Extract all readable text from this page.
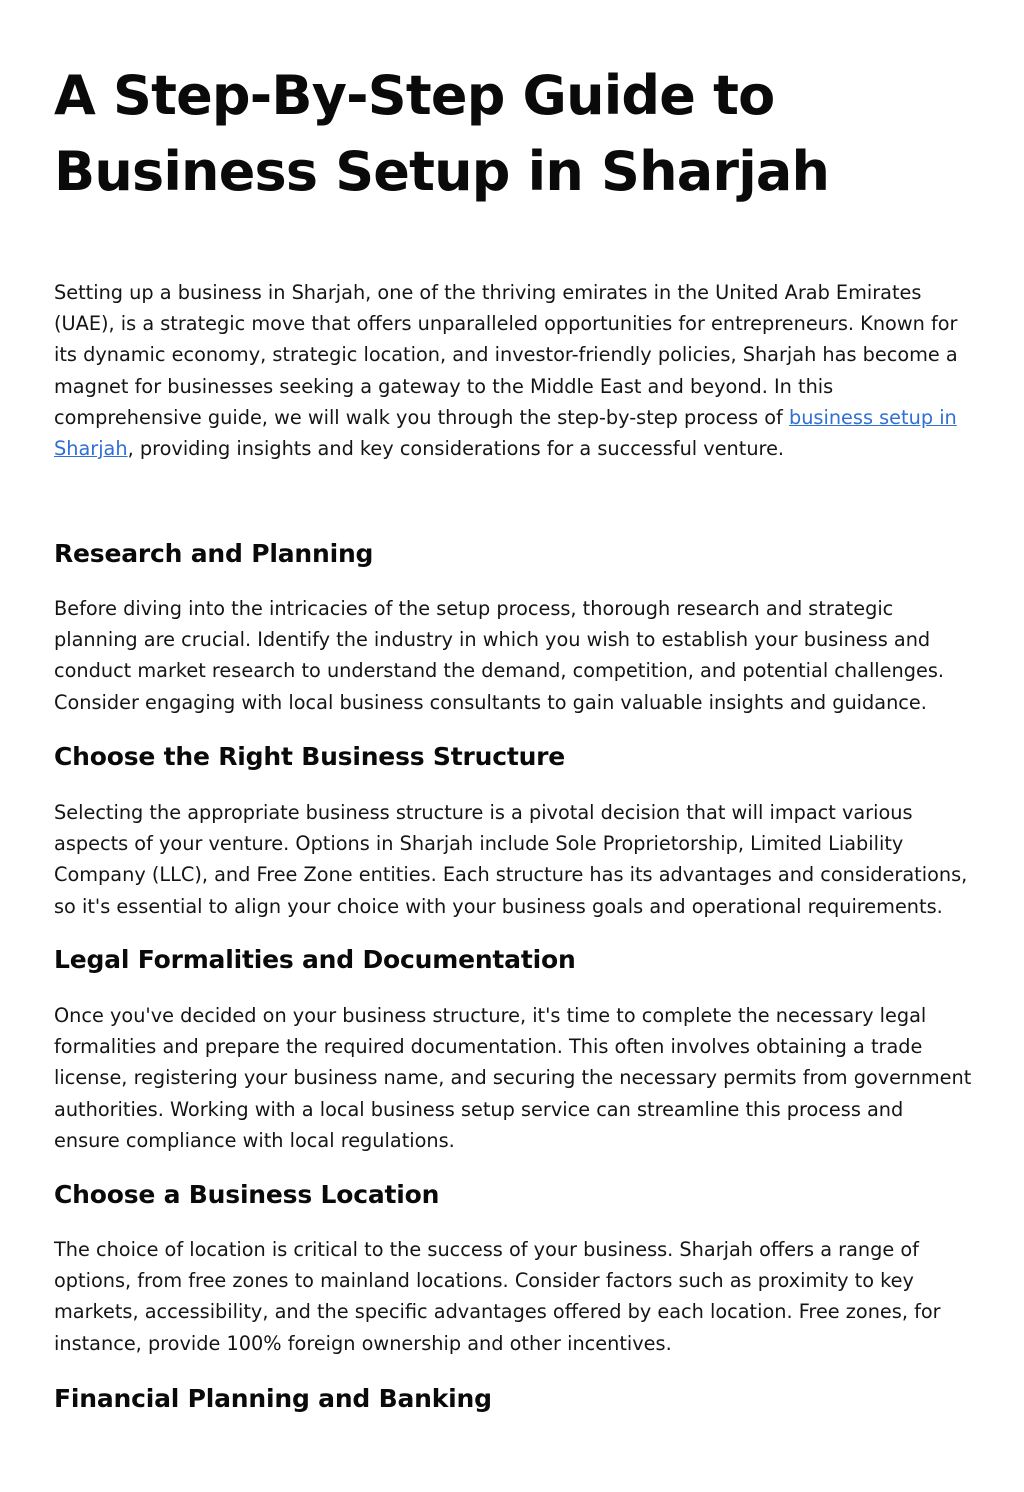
A Step-By-Step Guide to Business Setup in Sharjah

Setting up a business in Sharjah, one of the thriving emirates in the United Arab Emirates (UAE), is a strategic move that offers unparalleled opportunities for entrepreneurs. Known for its dynamic economy, strategic location, and investor-friendly policies, Sharjah has become a magnet for businesses seeking a gateway to the Middle East and beyond. In this comprehensive guide, we will walk you through the step-by-step process of business setup in Sharjah, providing insights and key considerations for a successful venture.

Research and Planning

Before diving into the intricacies of the setup process, thorough research and strategic planning are crucial. Identify the industry in which you wish to establish your business and conduct market research to understand the demand, competition, and potential challenges. Consider engaging with local business consultants to gain valuable insights and guidance.

Choose the Right Business Structure

Selecting the appropriate business structure is a pivotal decision that will impact various aspects of your venture. Options in Sharjah include Sole Proprietorship, Limited Liability Company (LLC), and Free Zone entities. Each structure has its advantages and considerations, so it's essential to align your choice with your business goals and operational requirements.

Legal Formalities and Documentation

Once you've decided on your business structure, it's time to complete the necessary legal formalities and prepare the required documentation. This often involves obtaining a trade license, registering your business name, and securing the necessary permits from government authorities. Working with a local business setup service can streamline this process and ensure compliance with local regulations.

Choose a Business Location

The choice of location is critical to the success of your business. Sharjah offers a range of options, from free zones to mainland locations. Consider factors such as proximity to key markets, accessibility, and the specific advantages offered by each location. Free zones, for instance, provide 100% foreign ownership and other incentives.

Financial Planning and Banking
